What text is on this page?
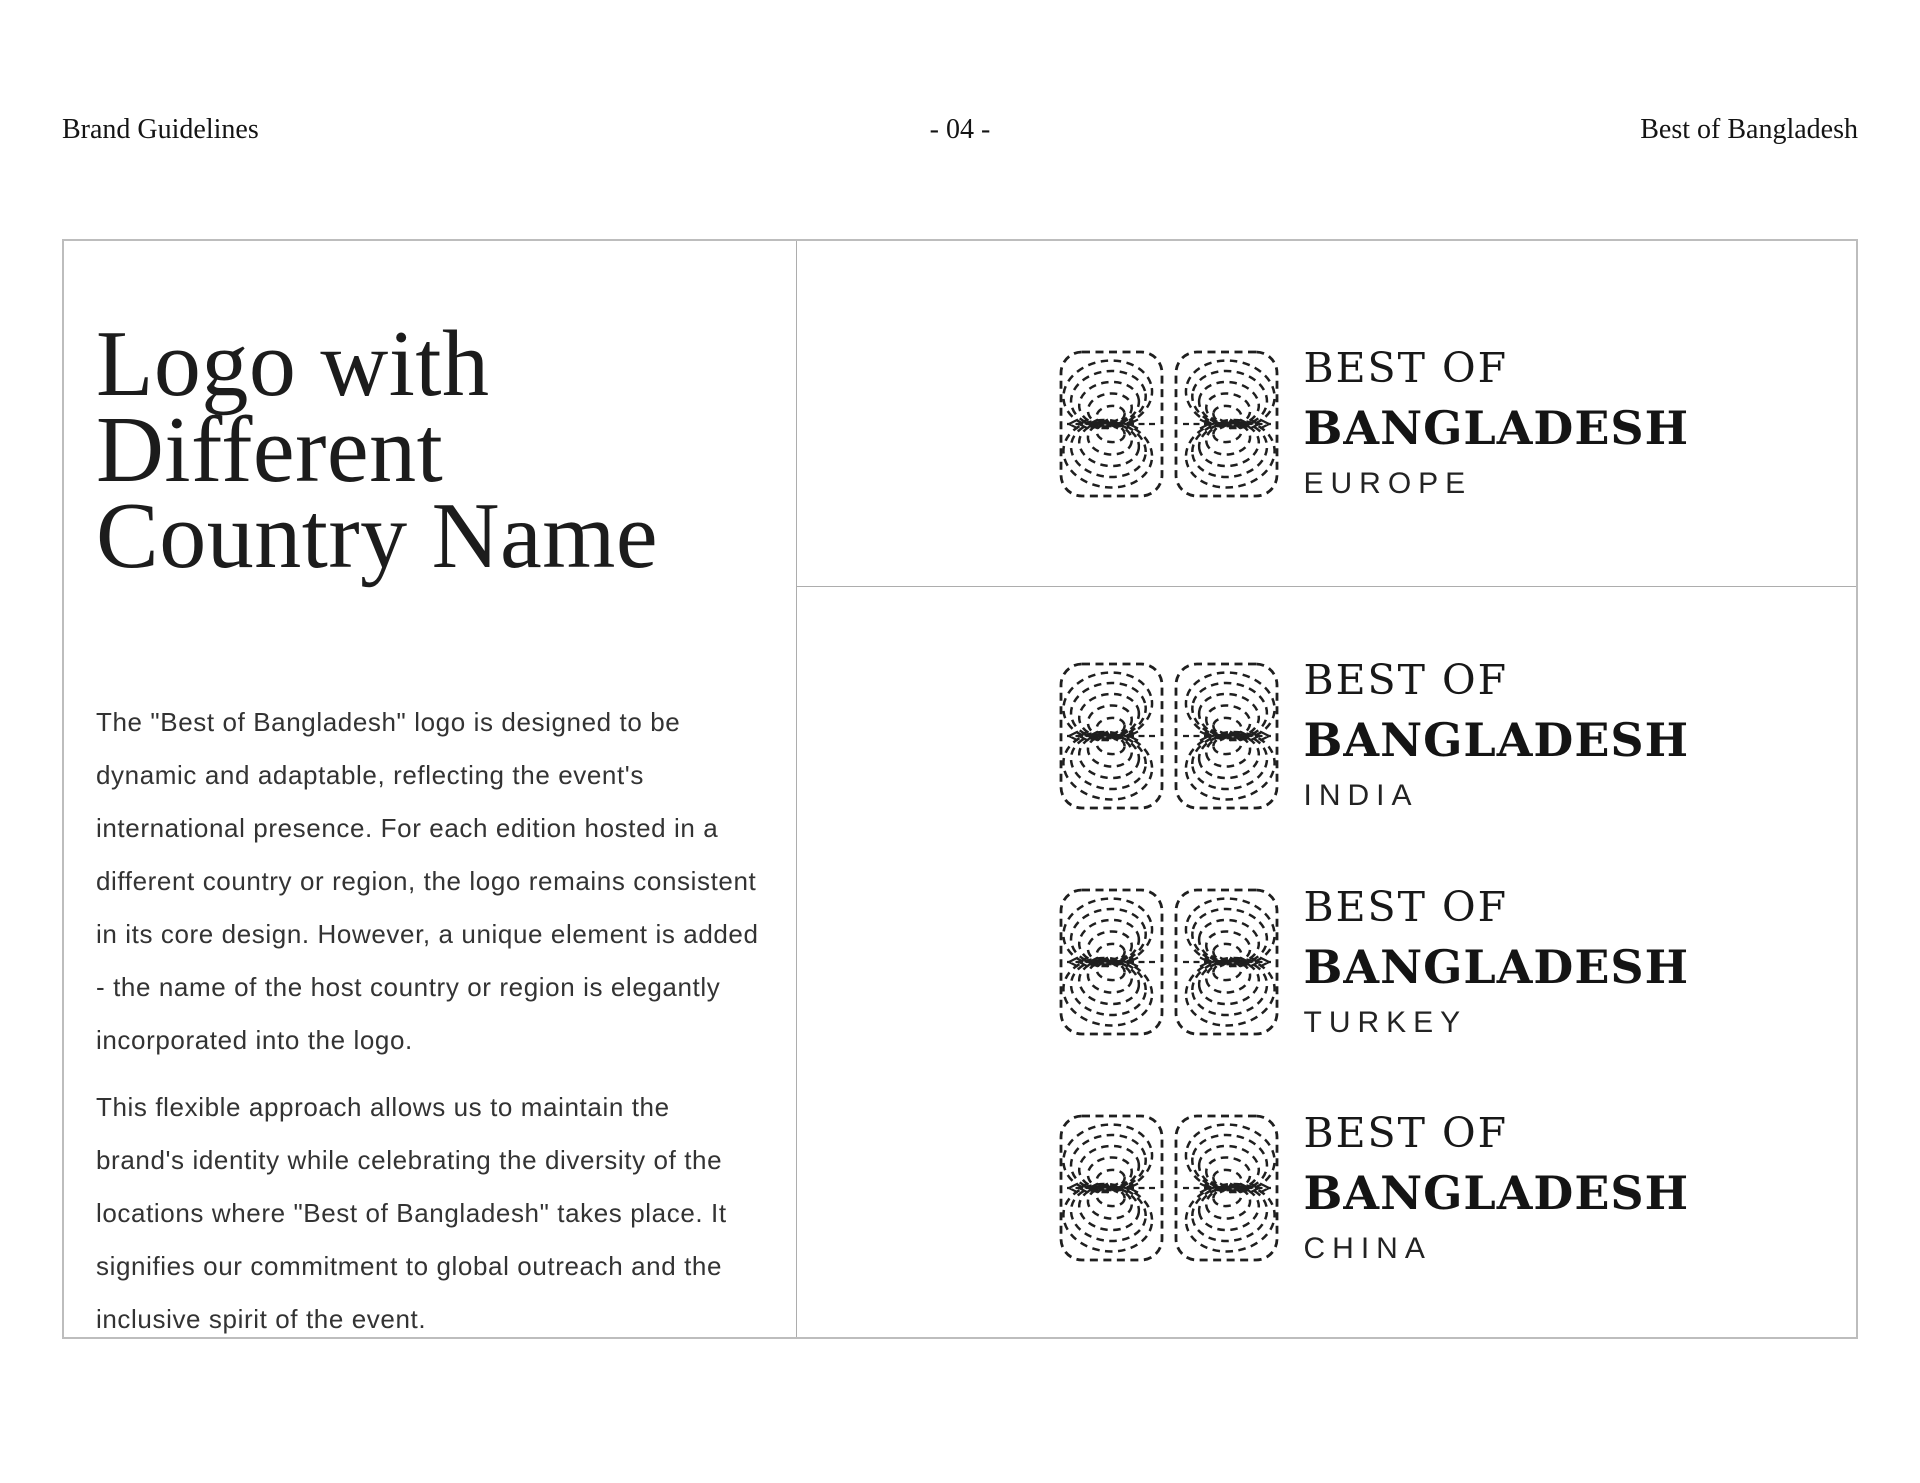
Brand Guidelines	- 04 -	Best of Bangladesh
Logo with
Different
Country Name
The "Best of Bangladesh" logo is designed to be
dynamic and adaptable, reflecting the event's
international presence. For each edition hosted in a
different country or region, the logo remains consistent
in its core design. However, a unique element is added
- the name of the host country or region is elegantly
incorporated into the logo.
This flexible approach allows us to maintain the
brand's identity while celebrating the diversity of the
locations where "Best of Bangladesh" takes place. It
signifies our commitment to global outreach and the
inclusive spirit of the event.
BEST OF
BANGLADESH
EUROPE
BEST OF
BANGLADESH
INDIA
BEST OF
BANGLADESH
TURKEY
BEST OF
BANGLADESH
CHINA
